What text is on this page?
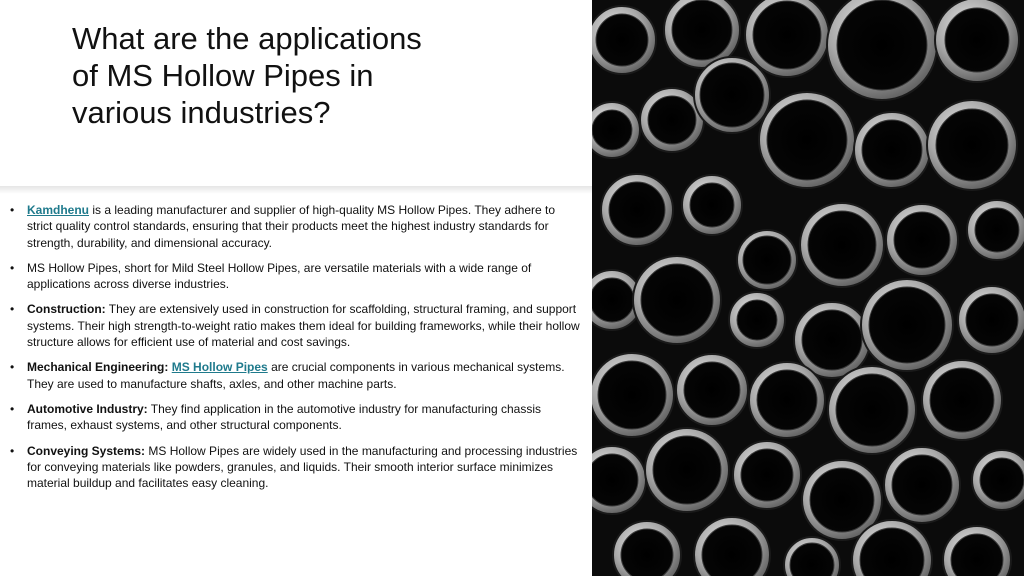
What are the applications of MS Hollow Pipes in various industries?
• Kamdhenu is a leading manufacturer and supplier of high-quality MS Hollow Pipes. They adhere to strict quality control standards, ensuring that their products meet the highest industry standards for strength, durability, and dimensional accuracy.
• MS Hollow Pipes, short for Mild Steel Hollow Pipes, are versatile materials with a wide range of applications across diverse industries.
• Construction: They are extensively used in construction for scaffolding, structural framing, and support systems. Their high strength-to-weight ratio makes them ideal for building frameworks, while their hollow structure allows for efficient use of material and cost savings.
• Mechanical Engineering: MS Hollow Pipes are crucial components in various mechanical systems. They are used to manufacture shafts, axles, and other machine parts.
• Automotive Industry: They find application in the automotive industry for manufacturing chassis frames, exhaust systems, and other structural components.
• Conveying Systems: MS Hollow Pipes are widely used in the manufacturing and processing industries for conveying materials like powders, granules, and liquids. Their smooth interior surface minimizes material buildup and facilitates easy cleaning.
